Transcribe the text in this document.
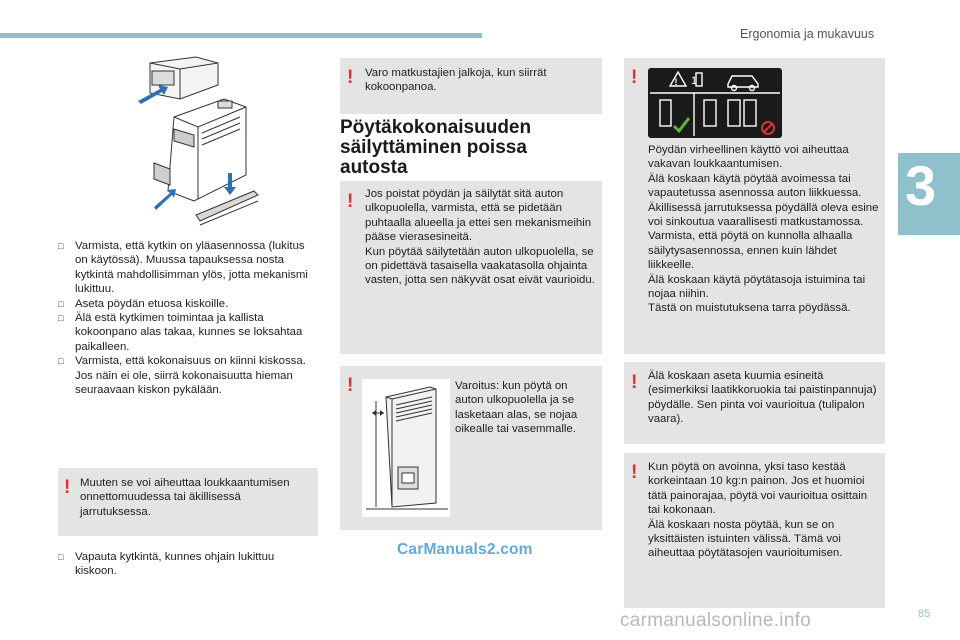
Ergonomia ja mukavuus
3
□ Varmista, että kytkin on yläasennossa (lukitus on käytössä). Muussa tapauksessa nosta kytkintä mahdollisimman ylös, jotta mekanismi lukittuu.
□ Aseta pöydän etuosa kiskoille.
□ Älä estä kytkimen toimintaa ja kallista kokoonpano alas takaa, kunnes se loksahtaa paikalleen.
□ Varmista, että kokonaisuus on kiinni kiskossa. Jos näin ei ole, siirrä kokonaisuutta hieman seuraavaan kiskon pykälään.
! Muuten se voi aiheuttaa loukkaantumisen onnettomuudessa tai äkillisessä jarrutuksessa.
□ Vapauta kytkintä, kunnes ohjain lukittuu kiskoon.
! Varo matkustajien jalkoja, kun siirrät kokoonpanoa.
Pöytäkokonaisuuden säilyttäminen poissa autosta
! Jos poistat pöydän ja säilytät sitä auton ulkopuolella, varmista, että se pidetään puhtaalla alueella ja ettei sen mekanismeihin pääse vierasesineitä.
Kun pöytää säilytetään auton ulkopuolella, se on pidettävä tasaisella vaakatasolla ohjainta vasten, jotta sen näkyvät osat eivät vaurioidu.
!	Varoitus: kun pöytä on auton ulkopuolella ja se lasketaan alas, se nojaa oikealle tai vasemmalle.
CarManuals2.com
!	! 1
Pöydän virheellinen käyttö voi aiheuttaa vakavan loukkaantumisen.
Älä koskaan käytä pöytää avoimessa tai vapautetussa asennossa auton liikkuessa.
Äkillisessä jarrutuksessa pöydällä oleva esine voi sinkoutua vaarallisesti matkustamossa.
Varmista, että pöytä on kunnolla alhaalla säilytysasennossa, ennen kuin lähdet liikkeelle.
Älä koskaan käytä pöytätasoja istuimina tai nojaa niihin.
Tästä on muistutuksena tarra pöydässä.
! Älä koskaan aseta kuumia esineitä (esimerkiksi laatikkoruokia tai paistinpannuja) pöydälle. Sen pinta voi vaurioitua (tulipalon vaara).
! Kun pöytä on avoinna, yksi taso kestää korkeintaan 10 kg:n painon. Jos et huomioi tätä painorajaa, pöytä voi vaurioitua osittain tai kokonaan.
Älä koskaan nosta pöytää, kun se on yksittäisten istuinten välissä. Tämä voi aiheuttaa pöytätasojen vaurioitumisen.
85
carmanualsonline.info
